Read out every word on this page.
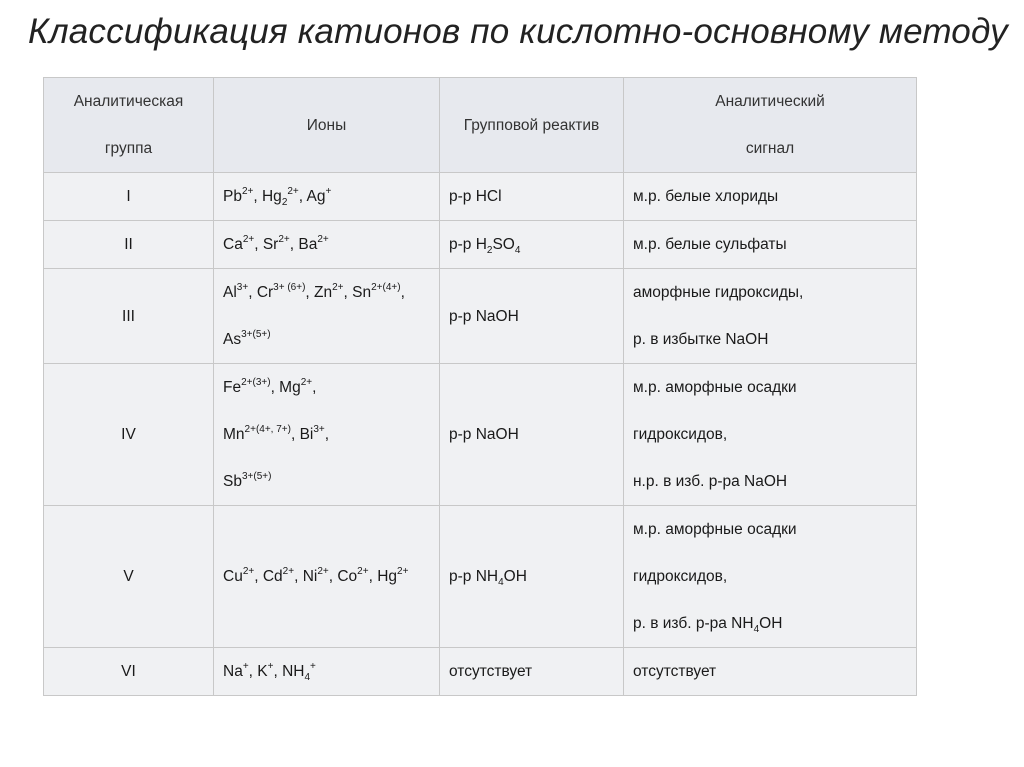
Классификация катионов по кислотно-основному методу
Аналитическая
группа	Ионы	Групповой реактив	Аналитический
сигнал

I	$Pb^{2+}$, $Hg_2^{2+}$, Ag+	р-р HCl	м.р. белые хлориды

II	$Ca^{2+}$, $Sr^{2+}$, $Ba^{2+}$	р-р $H_2SO_4$	м.р. белые сульфаты

III	$Al^{3+}$, $Cr^{3+ (6+)}$, $Zn^{2+}$, $Sn^{2+(4+)}$,
$As^{3+(5+)}$	р-р NaOH	аморфные гидроксиды,
р. в избытке NaOH

IV	$Fe^{2+(3+)}$, $Mg^{2+}$,
$Mn^{2+(4+, 7+)}$, $Bi^{3+}$,
$Sb^{3+(5+)}$	р-р NaOH	м.р. аморфные осадки
гидроксидов,
н.р. в изб. р-ра NaOH

V	$Cu^{2+}$, $Cd^{2+}$, $Ni^{2+}$, $Co^{2+}$, $Hg^{2+}$	р-р $NH_4OH$	м.р. аморфные осадки
гидроксидов,
р. в изб. р-ра $NH_4OH$

VI	Na+, K+, $NH_4^+$	отсутствует	отсутствует
